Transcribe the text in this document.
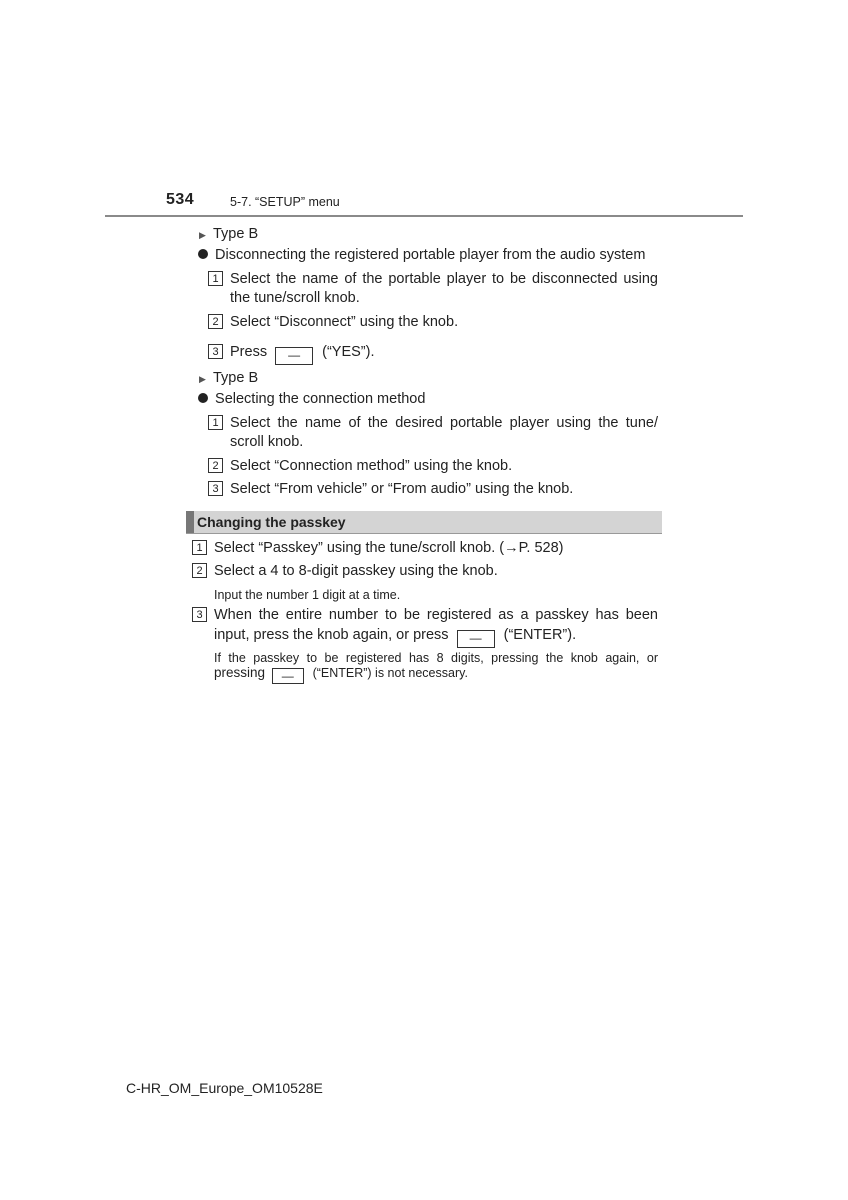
534	5-7. “SETUP” menu
▶ Type B
Disconnecting the registered portable player from the audio system
1 Select the name of the portable player to be disconnected using
the tune/scroll knob.
2 Select “Disconnect” using the knob.
3 Press — (“YES”).
▶ Type B
Selecting the connection method
1 Select the name of the desired portable player using the tune/
scroll knob.
2 Select “Connection method” using the knob.
3 Select “From vehicle” or “From audio” using the knob.
Changing the passkey
1 Select “Passkey” using the tune/scroll knob. (→P. 528)
2 Select a 4 to 8-digit passkey using the knob.
Input the number 1 digit at a time.
3 When the entire number to be registered as a passkey has been
input, press the knob again, or press — (“ENTER”).
If the passkey to be registered has 8 digits, pressing the knob again, or
pressing — (“ENTER”) is not necessary.
C-HR_OM_Europe_OM10528E
